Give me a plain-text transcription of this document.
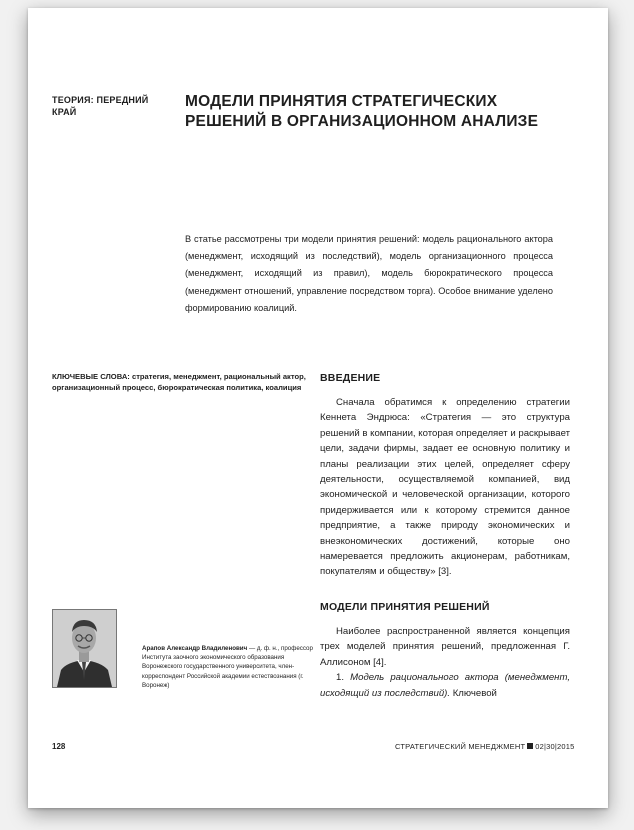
ТЕОРИЯ: ПЕРЕДНИЙ КРАЙ
МОДЕЛИ ПРИНЯТИЯ СТРАТЕГИЧЕСКИХ РЕШЕНИЙ В ОРГАНИЗАЦИОННОМ АНАЛИЗЕ
В статье рассмотрены три модели принятия решений: модель рационального актора (менеджмент, исходящий из последствий), модель организационного процесса (менеджмент, исходящий из правил), модель бюрократического процесса (менеджмент отношений, управление посредством торга). Особое внимание уделено формированию коалиций.
КЛЮЧЕВЫЕ СЛОВА: стратегия, менеджмент, рациональный актор, организационный процесс, бюрократическая политика, коалиция
ВВЕДЕНИЕ

Сначала обратимся к определению стратегии Кеннета Эндрюса: «Стратегия — это структура решений в компании, которая определяет и раскрывает цели, задачи фирмы, задает ее основную политику и планы реализации этих целей, определяет сферу деятельности, осуществляемой компанией, вид экономической и человеческой организации, которого придерживается или к которому стремится данное предприятие, а также природу экономических и внеэкономических достижений, которые оно намеревается предложить акционерам, работникам, покупателям и обществу» [3].

МОДЕЛИ ПРИНЯТИЯ РЕШЕНИЙ

Наиболее распространенной является концепция трех моделей принятия решений, предложенная Г. Аллисоном [4].

1. Модель рационального актора (менеджмент, исходящий из последствий). Ключевой

Арапов Александр Владиленович — д. ф. н., профессор Института заочного экономического образования Воронежского государственного университета, член-корреспондент Российской академии естествознания (г. Воронеж)
128	СТРАТЕГИЧЕСКИЙ МЕНЕДЖМЕНТ 02|30|2015
